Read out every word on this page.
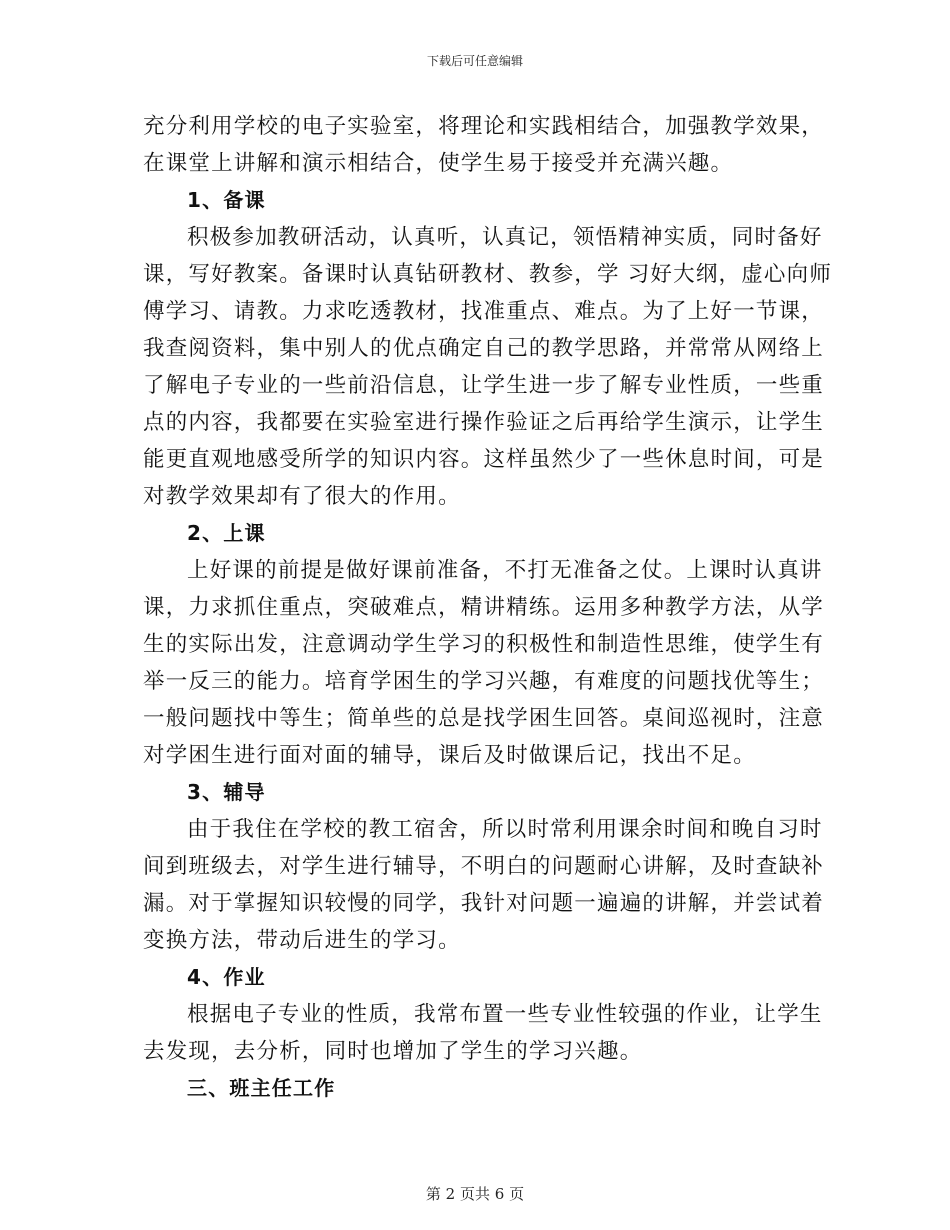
下载后可任意编辑
充分利用学校的电子实验室，将理论和实践相结合，加强教学效果，
在课堂上讲解和演示相结合，使学生易于接受并充满兴趣。
1、备课
积极参加教研活动，认真听，认真记，领悟精神实质，同时备好
课，写好教案。备课时认真钻研教材、教参，学 习好大纲，虚心向师
傅学习、请教。力求吃透教材，找准重点、难点。为了上好一节课，
我查阅资料，集中别人的优点确定自己的教学思路，并常常从网络上
了解电子专业的一些前沿信息，让学生进一步了解专业性质，一些重
点的内容，我都要在实验室进行操作验证之后再给学生演示，让学生
能更直观地感受所学的知识内容。这样虽然少了一些休息时间，可是
对教学效果却有了很大的作用。
2、上课
上好课的前提是做好课前准备，不打无准备之仗。上课时认真讲
课，力求抓住重点，突破难点，精讲精练。运用多种教学方法，从学
生的实际出发，注意调动学生学习的积极性和制造性思维，使学生有
举一反三的能力。培育学困生的学习兴趣，有难度的问题找优等生；
一般问题找中等生；简单些的总是找学困生回答。桌间巡视时，注意
对学困生进行面对面的辅导，课后及时做课后记，找出不足。
3、辅导
由于我住在学校的教工宿舍，所以时常利用课余时间和晚自习时
间到班级去，对学生进行辅导，不明白的问题耐心讲解，及时查缺补
漏。对于掌握知识较慢的同学，我针对问题一遍遍的讲解，并尝试着
变换方法，带动后进生的学习。
4、作业
根据电子专业的性质，我常布置一些专业性较强的作业，让学生
去发现，去分析，同时也增加了学生的学习兴趣。
三、班主任工作
第 2 页共 6 页
